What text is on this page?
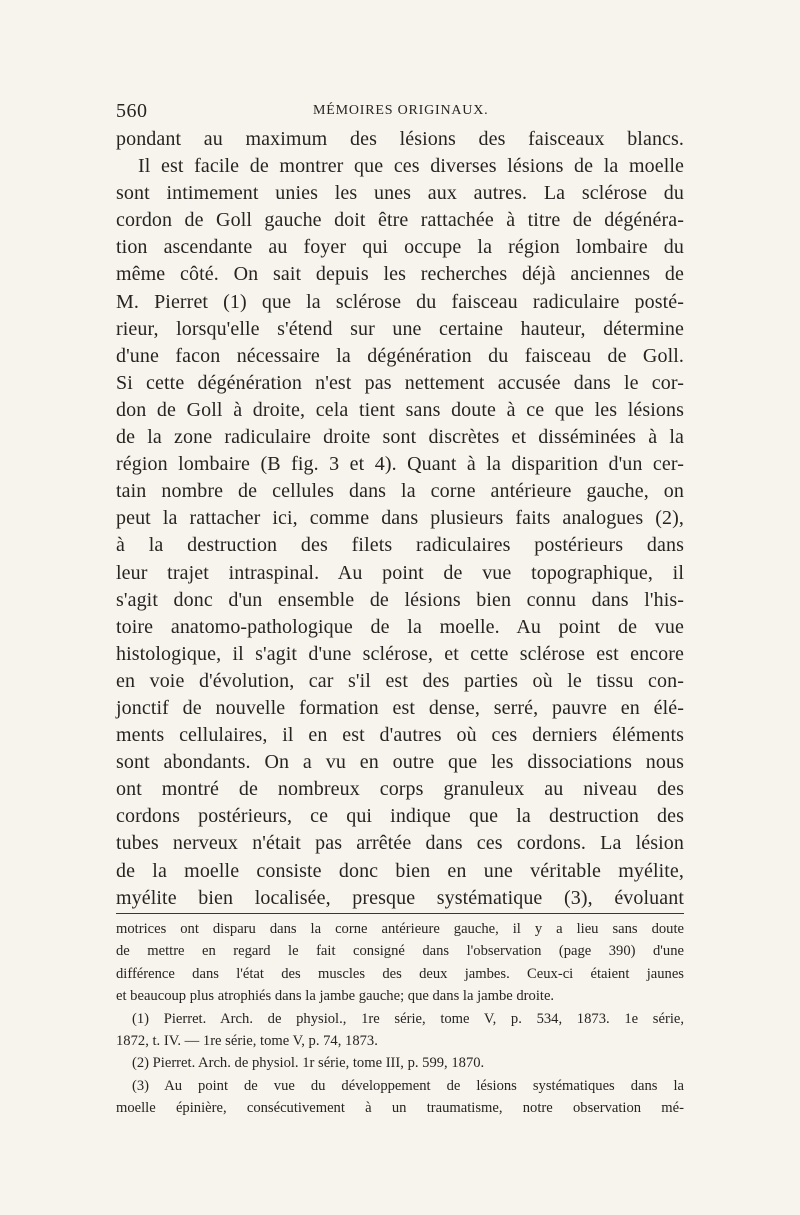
560	MÉMOIRES ORIGINAUX.
pondant au maximum des lésions des faisceaux blancs.
Il est facile de montrer que ces diverses lésions de la moelle
sont intimement unies les unes aux autres. La sclérose du
cordon de Goll gauche doit être rattachée à titre de dégénéra-
tion ascendante au foyer qui occupe la région lombaire du
même côté. On sait depuis les recherches déjà anciennes de
M. Pierret (1) que la sclérose du faisceau radiculaire posté-
rieur, lorsqu'elle s'étend sur une certaine hauteur, détermine
d'une facon nécessaire la dégénération du faisceau de Goll.
Si cette dégénération n'est pas nettement accusée dans le cor-
don de Goll à droite, cela tient sans doute à ce que les lésions
de la zone radiculaire droite sont discrètes et disséminées à la
région lombaire (B fig. 3 et 4). Quant à la disparition d'un cer-
tain nombre de cellules dans la corne antérieure gauche, on
peut la rattacher ici, comme dans plusieurs faits analogues (2),
à la destruction des filets radiculaires postérieurs dans
leur trajet intraspinal. Au point de vue topographique, il
s'agit donc d'un ensemble de lésions bien connu dans l'his-
toire anatomo-pathologique de la moelle. Au point de vue
histologique, il s'agit d'une sclérose, et cette sclérose est encore
en voie d'évolution, car s'il est des parties où le tissu con-
jonctif de nouvelle formation est dense, serré, pauvre en élé-
ments cellulaires, il en est d'autres où ces derniers éléments
sont abondants. On a vu en outre que les dissociations nous
ont montré de nombreux corps granuleux au niveau des
cordons postérieurs, ce qui indique que la destruction des
tubes nerveux n'était pas arrêtée dans ces cordons. La lésion
de la moelle consiste donc bien en une véritable myélite,
myélite bien localisée, presque systématique (3), évoluant
motrices ont disparu dans la corne antérieure gauche, il y a lieu sans doute
de mettre en regard le fait consigné dans l'observation (page 390) d'une
différence dans l'état des muscles des deux jambes. Ceux-ci étaient jaunes
et beaucoup plus atrophiés dans la jambe gauche; que dans la jambe droite.
(1) Pierret. Arch. de physiol., 1re série, tome V, p. 534, 1873. 1e série,
1872, t. IV. — 1re série, tome V, p. 74, 1873.
(2) Pierret. Arch. de physiol. 1r série, tome III, p. 599, 1870.
(3) Au point de vue du développement de lésions systématiques dans la
moelle épinière, consécutivement à un traumatisme, notre observation mé-
